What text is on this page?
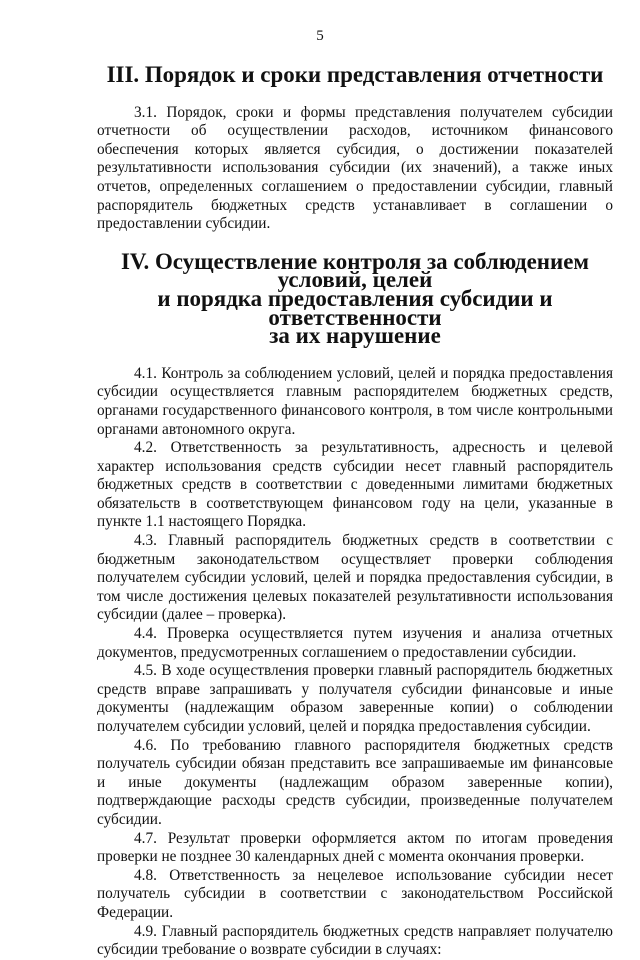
5
III. Порядок и сроки представления отчетности

3.1. Порядок, сроки и формы представления получателем субсидии отчетности об осуществлении расходов, источником финансового обеспечения которых является субсидия, о достижении показателей результативности использования субсидии (их значений), а также иных отчетов, определенных соглашением о предоставлении субсидии, главный распорядитель бюджетных средств устанавливает в соглашении о предоставлении субсидии.

IV. Осуществление контроля за соблюдением условий, целей
и порядка предоставления субсидии и ответственности
за их нарушение

4.1. Контроль за соблюдением условий, целей и порядка предоставления субсидии осуществляется главным распорядителем бюджетных средств, органами государственного финансового контроля, в том числе контрольными органами автономного округа.

4.2. Ответственность за результативность, адресность и целевой характер использования средств субсидии несет главный распорядитель бюджетных средств в соответствии с доведенными лимитами бюджетных обязательств в соответствующем финансовом году на цели, указанные в пункте 1.1 настоящего Порядка.

4.3. Главный распорядитель бюджетных средств в соответствии с бюджетным законодательством осуществляет проверки соблюдения получателем субсидии условий, целей и порядка предоставления субсидии, в том числе достижения целевых показателей результативности использования субсидии (далее – проверка).

4.4. Проверка осуществляется путем изучения и анализа отчетных документов, предусмотренных соглашением о предоставлении субсидии.

4.5. В ходе осуществления проверки главный распорядитель бюджетных средств вправе запрашивать у получателя субсидии финансовые и иные документы (надлежащим образом заверенные копии) о соблюдении получателем субсидии условий, целей и порядка предоставления субсидии.

4.6. По требованию главного распорядителя бюджетных средств получатель субсидии обязан представить все запрашиваемые им финансовые и иные документы (надлежащим образом заверенные копии), подтверждающие расходы средств субсидии, произведенные получателем субсидии.

4.7. Результат проверки оформляется актом по итогам проведения проверки не позднее 30 календарных дней с момента окончания проверки.

4.8. Ответственность за нецелевое использование субсидии несет получатель субсидии в соответствии с законодательством Российской Федерации.

4.9. Главный распорядитель бюджетных средств направляет получателю субсидии требование о возврате субсидии в случаях:
